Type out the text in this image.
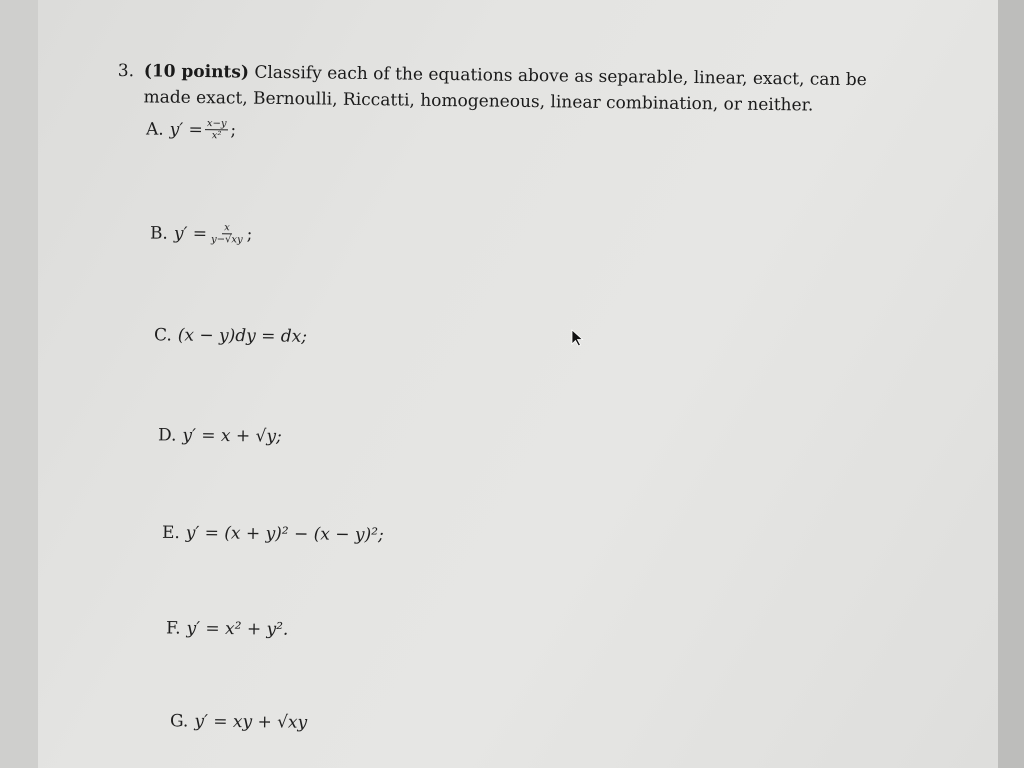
3. (10 points) Classify each of the equations above as separable, linear, exact, can be
made exact, Bernoulli, Riccatti, homogeneous, linear combination, or neither.
A. $y' = \frac{x-y}{\text{x²}}$ ;
B. $y' = \frac{x}{y-√xy}$ ;
C. (x − y)dy = dx;
D. y′ = x + √y;
E. y′ = (x + y)² − (x − y)²;
F. y′ = x² + y².
G. y′ = xy + √xy
